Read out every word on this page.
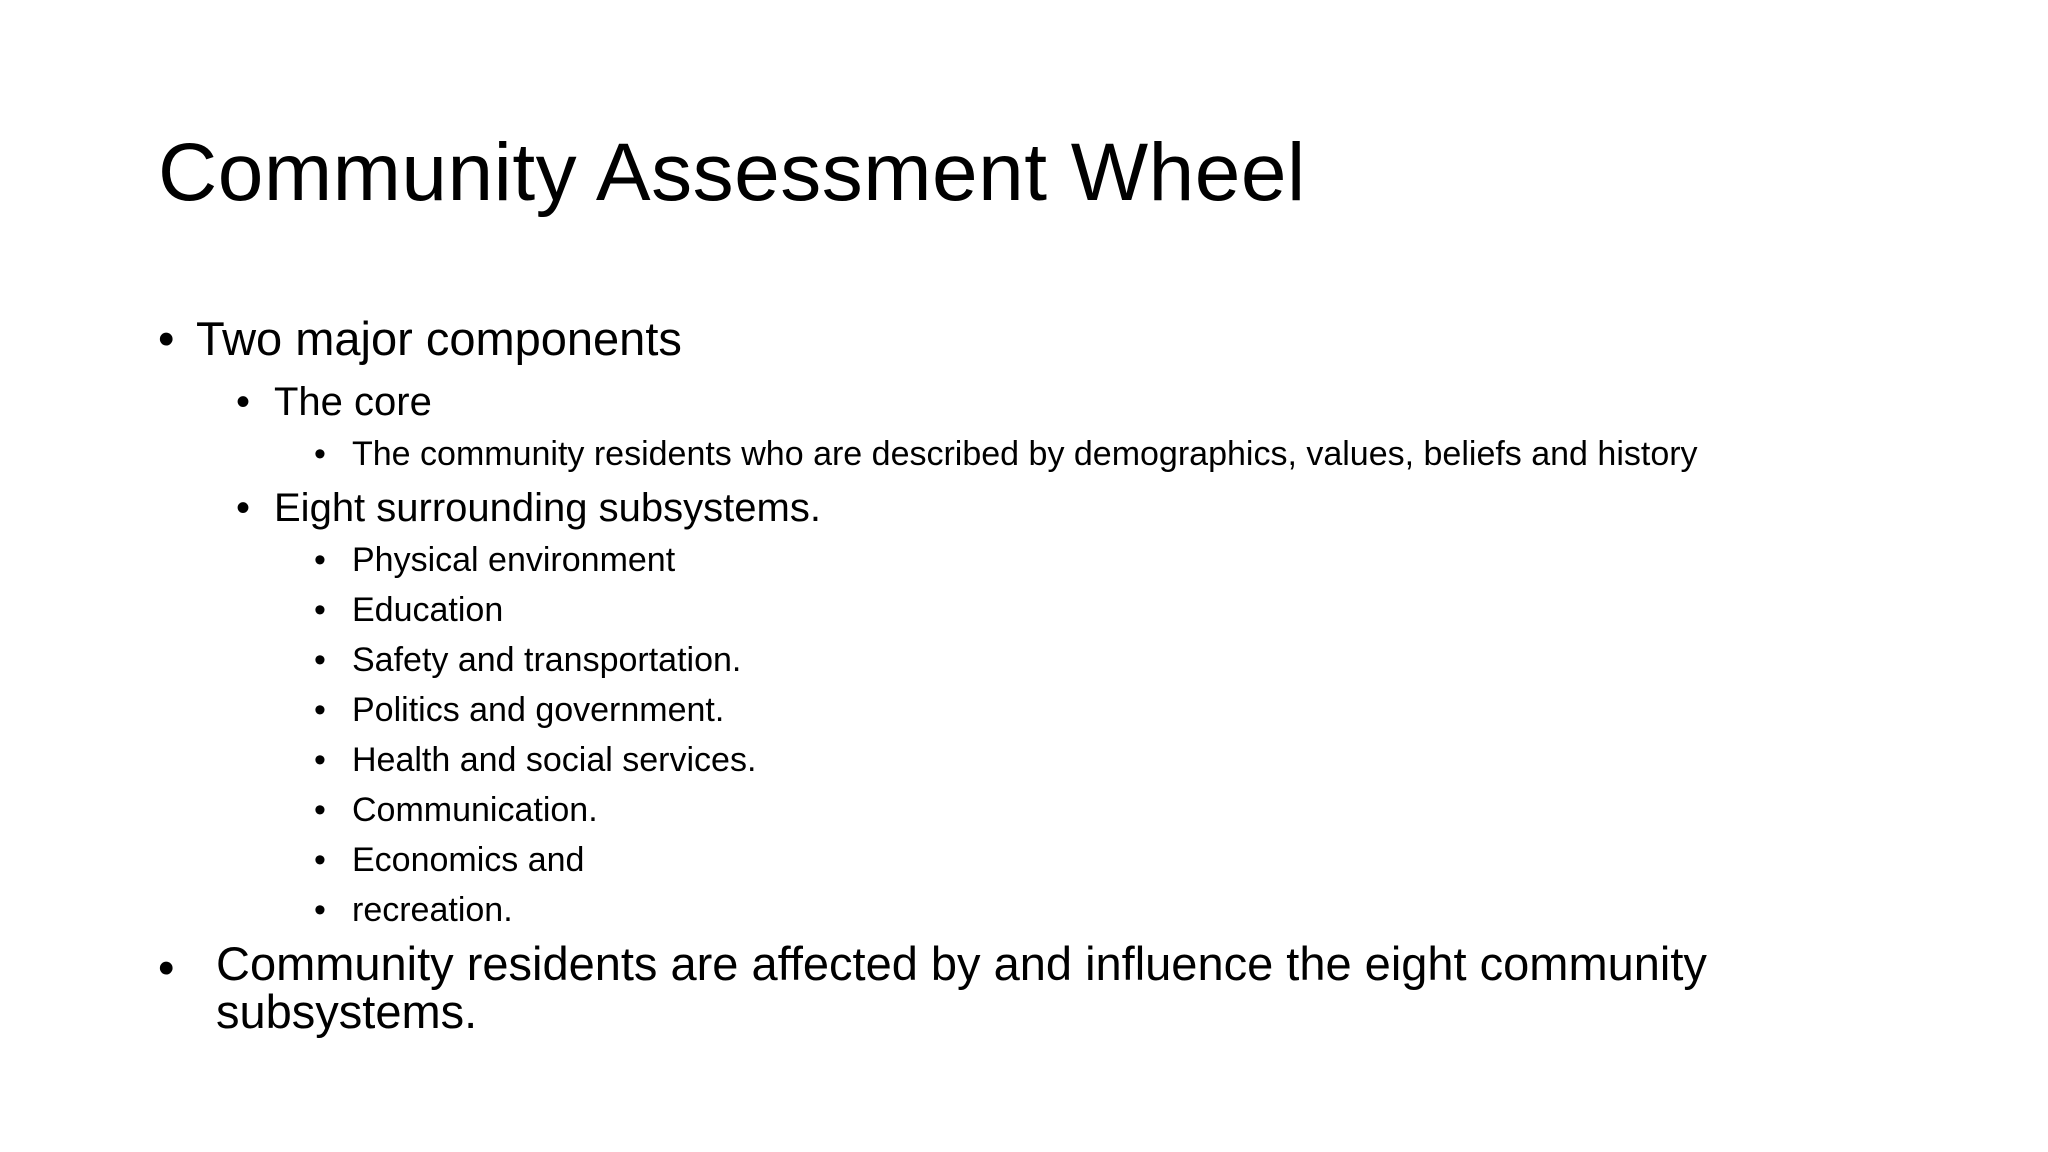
Community Assessment Wheel
• Two major components
• The core
• The community residents who are described by demographics, values, beliefs and history
• Eight surrounding subsystems.
• Physical environment
• Education
• Safety and transportation.
• Politics and government.
• Health and social services.
• Communication.
• Economics and
• recreation.
• Community residents are affected by and influence the eight community subsystems.
